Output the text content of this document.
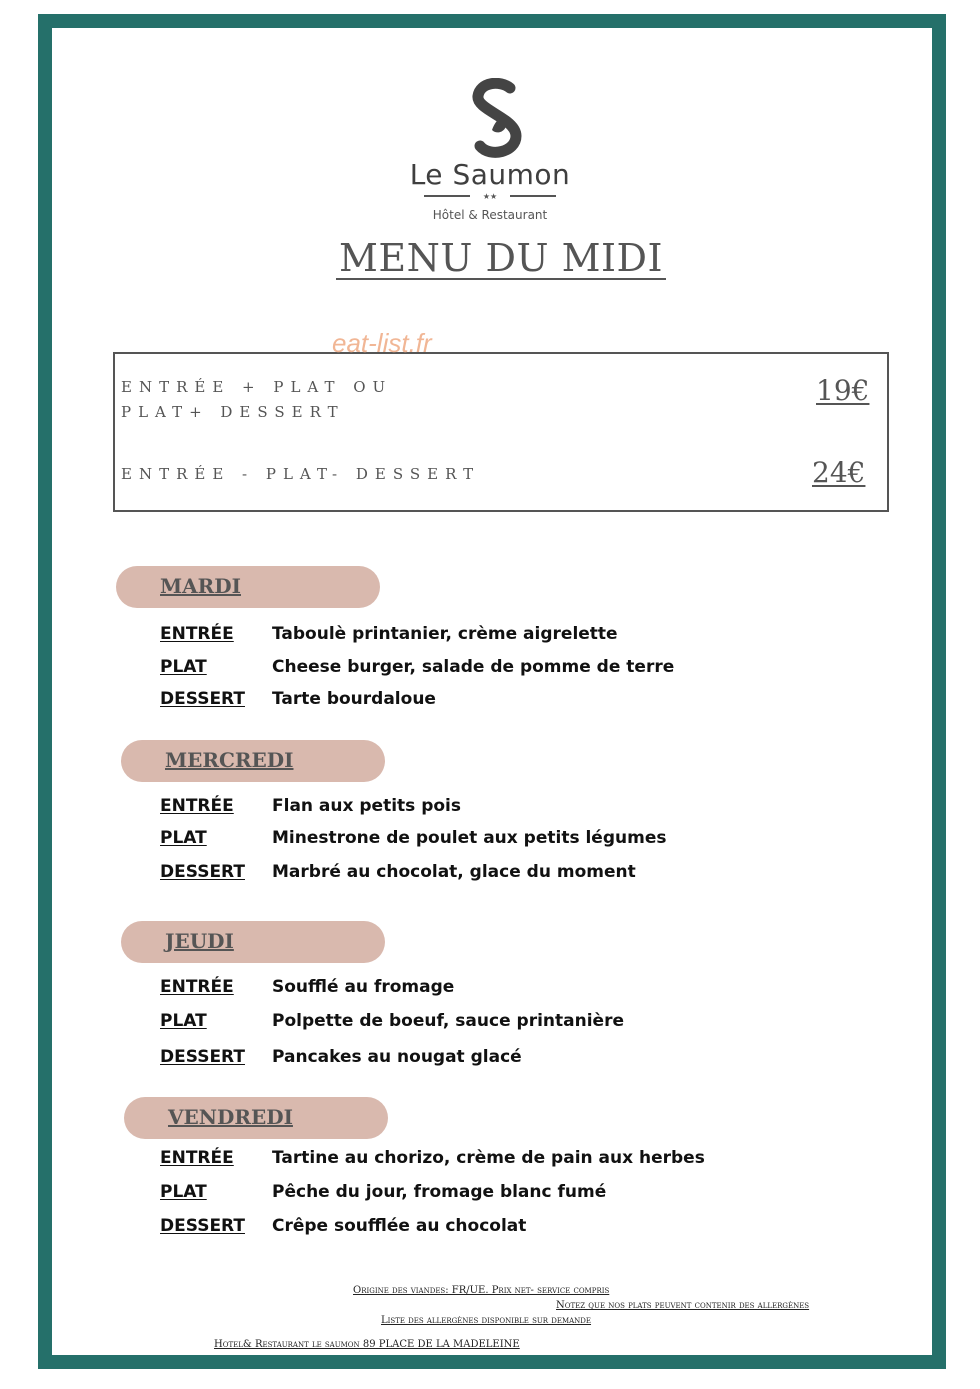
Le Saumon
★★
Hôtel & Restaurant
MENU DU MIDI
ENTRÉE + PLAT OU
PLAT+ DESSERT
19€
ENTRÉE - PLAT- DESSERT	24€
eat-list.fr
MARDI
ENTRÉE Taboulè printanier, crème aigrelette
PLAT	Cheese burger, salade de pomme de terre
DESSERT Tarte bourdaloue
MERCREDI
ENTRÉE Flan aux petits pois
PLAT	Minestrone de poulet aux petits légumes
DESSERT Marbré au chocolat, glace du moment
JEUDI
ENTRÉE Soufflé au fromage
PLAT	Polpette de boeuf, sauce printanière
DESSERT Pancakes au nougat glacé
VENDREDI
ENTRÉE Tartine au chorizo, crème de pain aux herbes
PLAT	Pêche du jour, fromage blanc fumé
DESSERT Crêpe soufflée au chocolat
Origine des viandes: FR/UE. Prix net- service compris
Notez que nos plats peuvent contenir des allergènes
Liste des allergènes disponible sur demande
Hotel& Restaurant le saumon 89 PLACE DE LA MADELEINE
